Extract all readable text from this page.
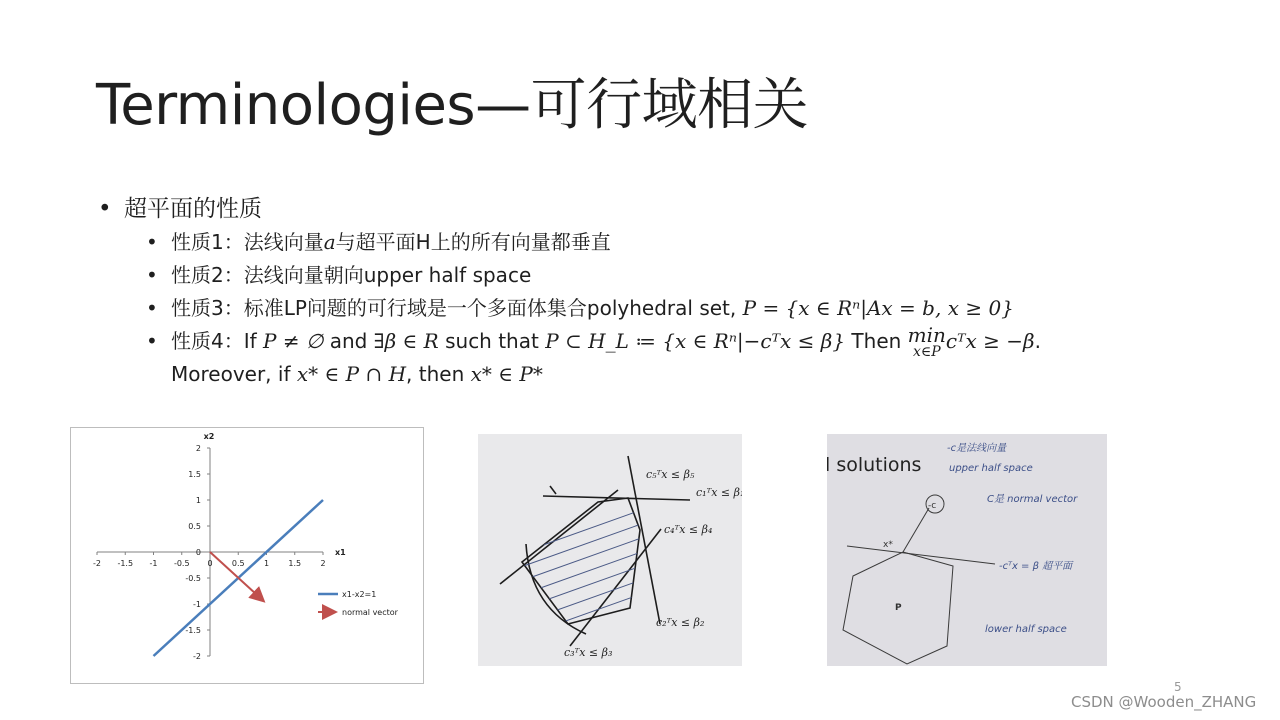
Terminologies—可行域相关
• 超平面的性质
• 性质1：法线向量a与超平面H上的所有向量都垂直
• 性质2：法线向量朝向upper half space
• 性质3：标准LP问题的可行域是一个多面体集合polyhedral set, P = {x ∈ Rⁿ|Ax = b, x ≥ 0}
• 性质4：If P ≠ ∅ and ∃β ∈ R such that P ⊂ H_L ≔ {x ∈ Rⁿ|−cᵀx ≤ β} Then min
x∈P cᵀx ≥ −β.
Moreover, if x* ∈ P ∩ H, then x* ∈ P*
-2 -1.5 -1 -0.5 0 0.5 1 1.5 2
2
1.5
1
0.5
0
-0.5
-1
-1.5
-2
x2
x1
x1-x2=1
normal vector
c₅ᵀx ≤ β₅
c₁ᵀx ≤ β₁
c₄ᵀx ≤ β₄
c₂ᵀx ≤ β₂
c₃ᵀx ≤ β₃
l solutions
-c
x*
P
-c是法线向量
upper half space
C是 normal vector
-cᵀx = β 超平面
lower half space
5
CSDN @Wooden_ZHANG
